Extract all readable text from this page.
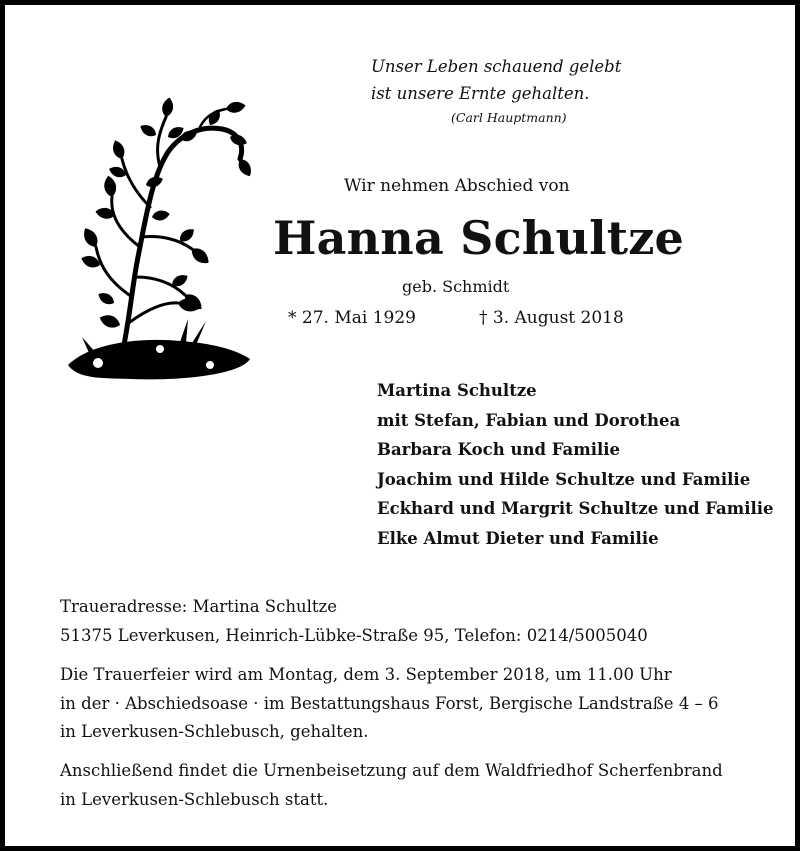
Unser Leben schauend gelebt
ist unsere Ernte gehalten.
(Carl Hauptmann)
Wir nehmen Abschied von
Hanna Schultze
geb. Schmidt
* 27. Mai 1929	† 3. August 2018
Martina Schultze
mit Stefan, Fabian und Dorothea
Barbara Koch und Familie
Joachim und Hilde Schultze und Familie
Eckhard und Margrit Schultze und Familie
Elke Almut Dieter und Familie
Traueradresse: Martina Schultze
51375 Leverkusen, Heinrich-Lübke-Straße 95, Telefon: 0214/5005040
Die Trauerfeier wird am Montag, dem 3. September 2018, um 11.00 Uhr
in der · Abschiedsoase · im Bestattungshaus Forst, Bergische Landstraße 4 – 6
in Leverkusen-Schlebusch, gehalten.
Anschließend findet die Urnenbeisetzung auf dem Waldfriedhof Scherfenbrand
in Leverkusen-Schlebusch statt.
